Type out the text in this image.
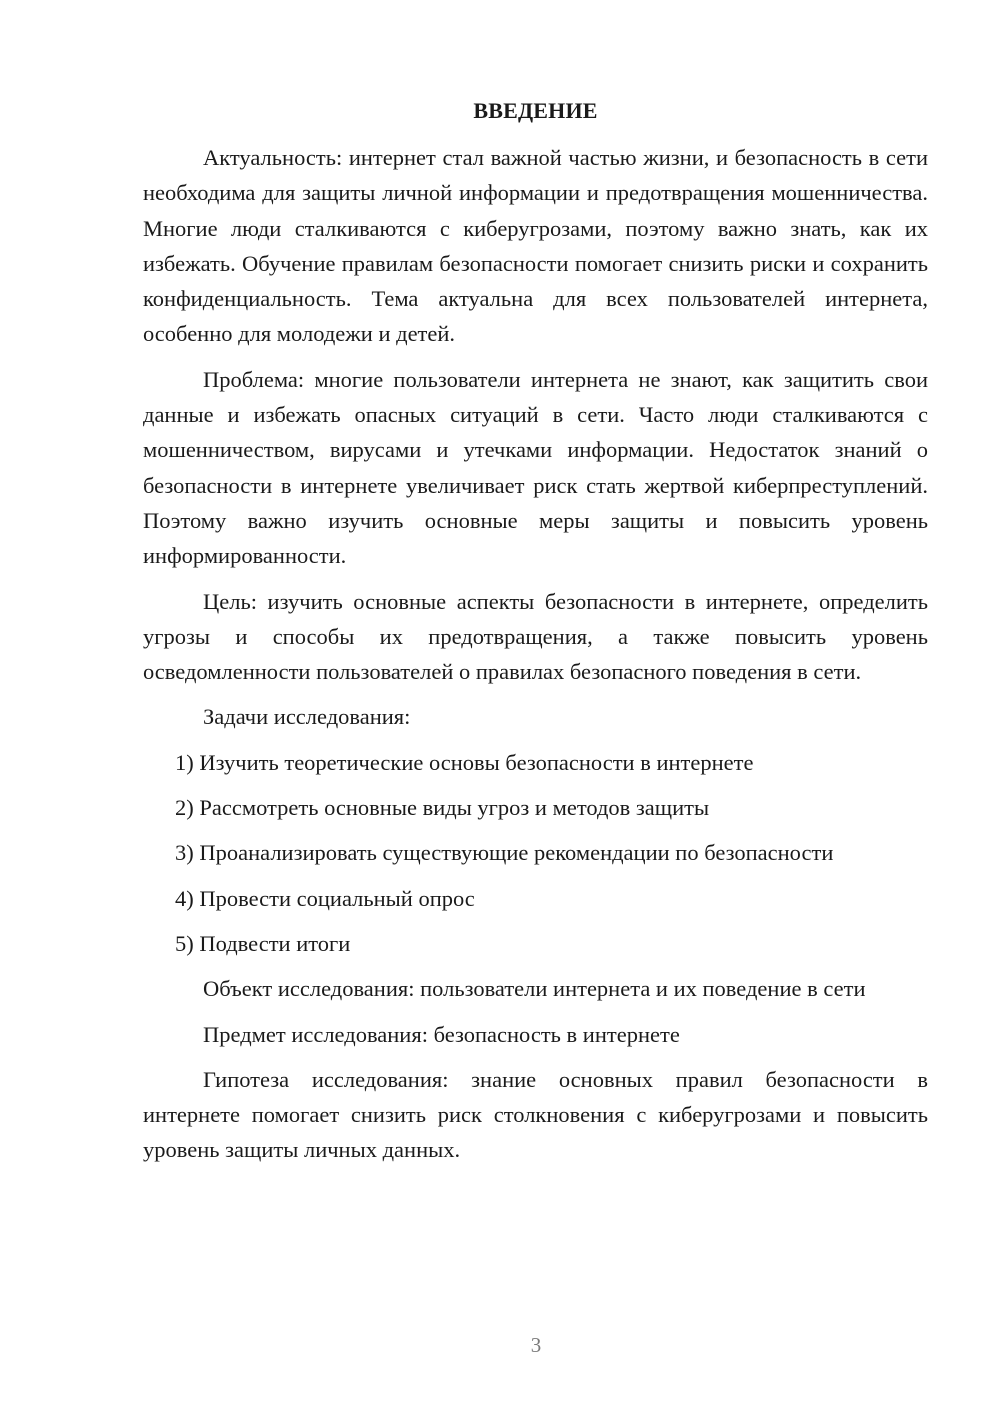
ВВЕДЕНИЕ

Актуальность: интернет стал важной частью жизни, и безопасность в сети необходима для защиты личной информации и предотвращения мошенничества. Многие люди сталкиваются с киберугрозами, поэтому важно знать, как их избежать. Обучение правилам безопасности помогает снизить риски и сохранить конфиденциальность. Тема актуальна для всех пользователей интернета, особенно для молодежи и детей.

Проблема: многие пользователи интернета не знают, как защитить свои данные и избежать опасных ситуаций в сети. Часто люди сталкиваются с мошенничеством, вирусами и утечками информации. Недостаток знаний о безопасности в интернете увеличивает риск стать жертвой киберпреступлений. Поэтому важно изучить основные меры защиты и повысить уровень информированности.

Цель: изучить основные аспекты безопасности в интернете, определить угрозы и способы их предотвращения, а также повысить уровень осведомленности пользователей о правилах безопасного поведения в сети.

Задачи исследования:

1) Изучить теоретические основы безопасности в интернете
2) Рассмотреть основные виды угроз и методов защиты
3) Проанализировать существующие рекомендации по безопасности
4) Провести социальный опрос
5) Подвести итоги

Объект исследования: пользователи интернета и их поведение в сети

Предмет исследования: безопасность в интернете

Гипотеза исследования: знание основных правил безопасности в интернете помогает снизить риск столкновения с киберугрозами и повысить уровень защиты личных данных.

3
